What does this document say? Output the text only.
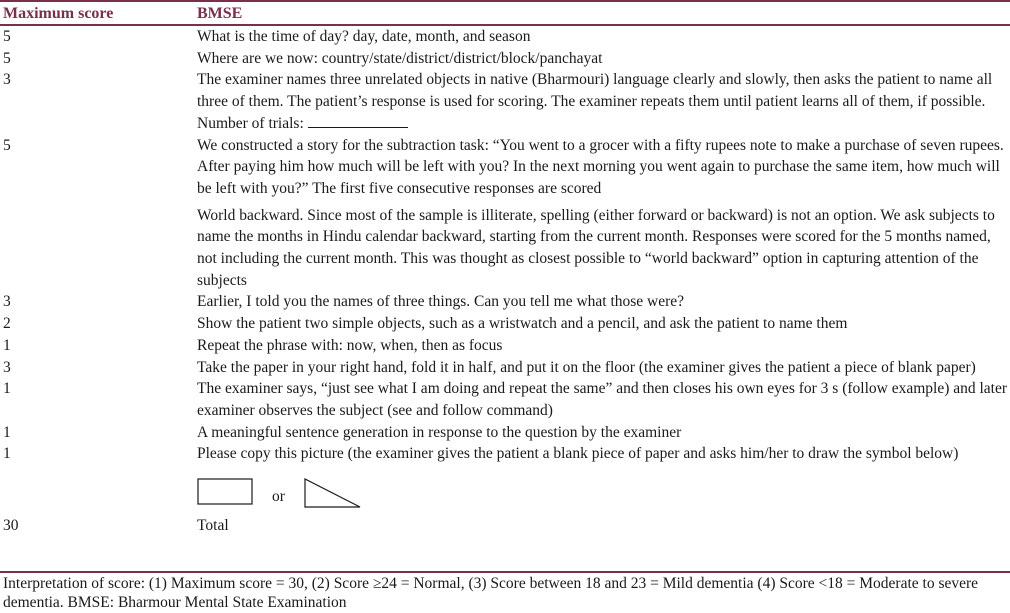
Maximum score	BMSE
5	What is the time of day? day, date, month, and season
5	Where are we now: country/state/district/district/block/panchayat
3	The examiner names three unrelated objects in native (Bharmouri) language clearly and slowly, then asks the patient to name all three of them. The patient’s response is used for scoring. The examiner repeats them until patient learns all of them, if possible. Number of trials:
5	We constructed a story for the subtraction task: “You went to a grocer with a fifty rupees note to make a purchase of seven rupees. After paying him how much will be left with you? In the next morning you went again to purchase the same item, how much will be left with you?” The first five consecutive responses are scored
	World backward. Since most of the sample is illiterate, spelling (either forward or backward) is not an option. We ask subjects to name the months in Hindu calendar backward, starting from the current month. Responses were scored for the 5 months named, not including the current month. This was thought as closest possible to “world backward” option in capturing attention of the subjects
3	Earlier, I told you the names of three things. Can you tell me what those were?
2	Show the patient two simple objects, such as a wristwatch and a pencil, and ask the patient to name them
1	Repeat the phrase with: now, when, then as focus
3	Take the paper in your right hand, fold it in half, and put it on the floor (the examiner gives the patient a piece of blank paper)
1	The examiner says, “just see what I am doing and repeat the same” and then closes his own eyes for 3 s (follow example) and later examiner observes the subject (see and follow command)
1	A meaningful sentence generation in response to the question by the examiner
1	Please copy this picture (the examiner gives the patient a blank piece of paper and asks him/her to draw the symbol below)
or

30	Total
Interpretation of score: (1) Maximum score = 30, (2) Score ≥24 = Normal, (3) Score between 18 and 23 = Mild dementia (4) Score <18 = Moderate to severe dementia. BMSE: Bharmour Mental State Examination
